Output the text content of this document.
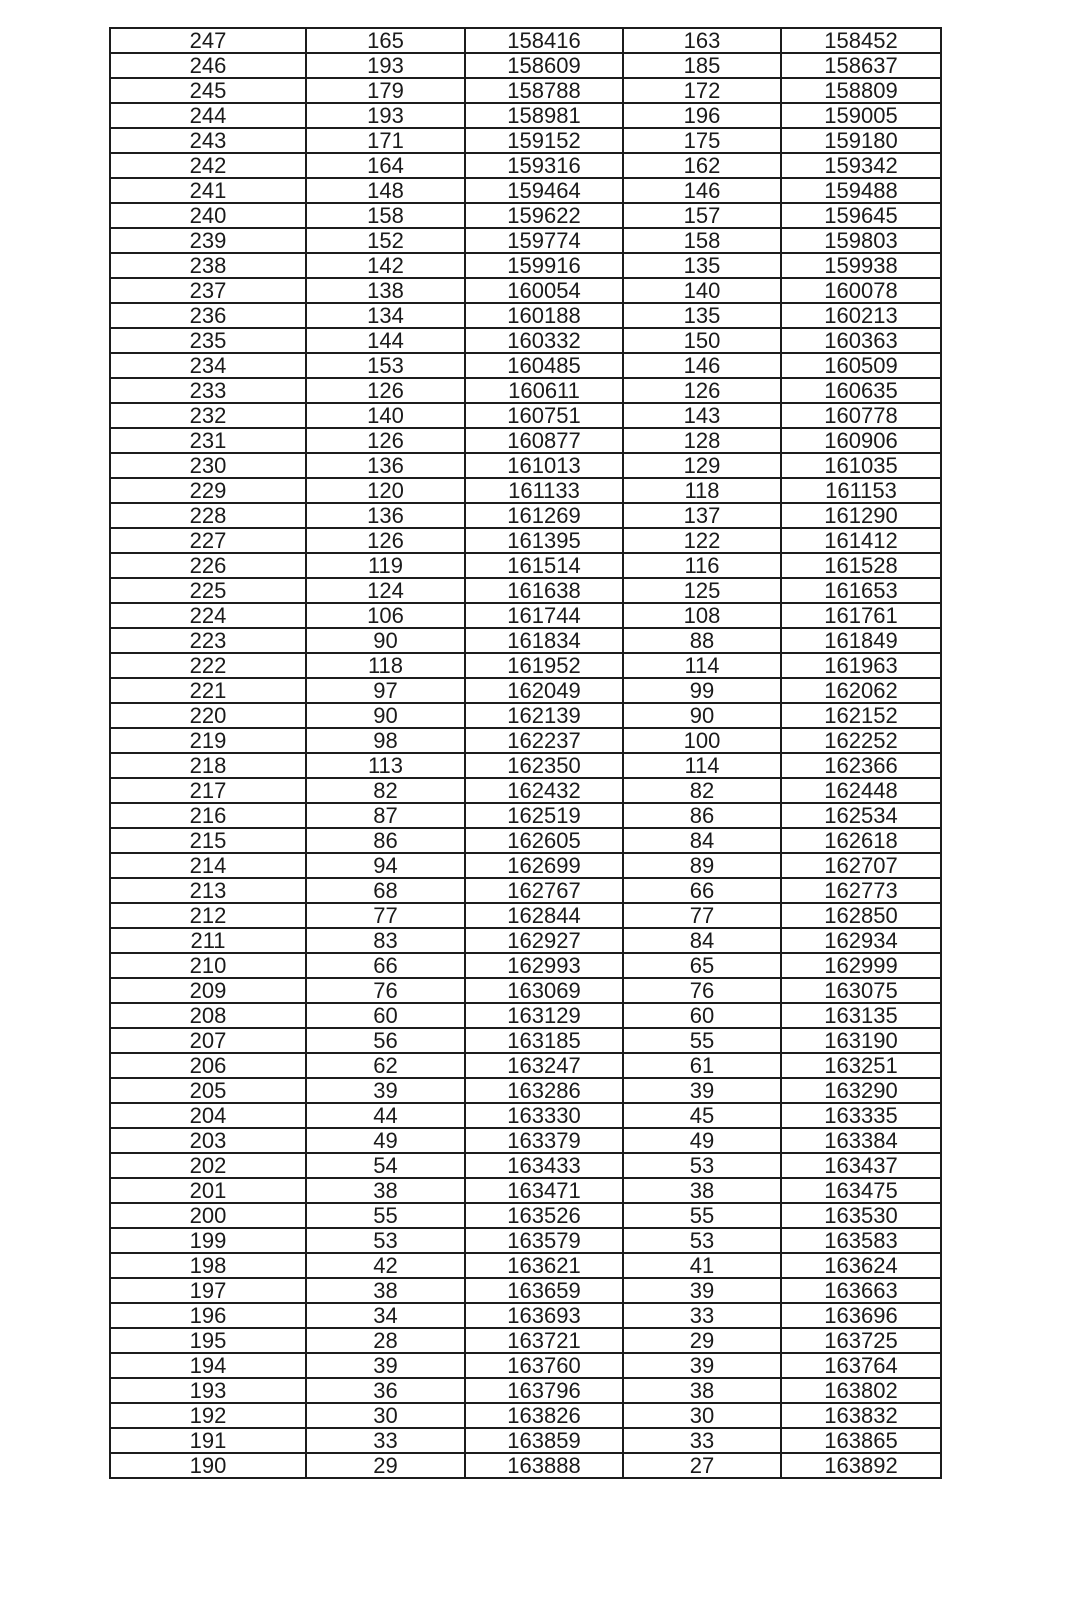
247	165	158416	163	158452
246	193	158609	185	158637
245	179	158788	172	158809
244	193	158981	196	159005
243	171	159152	175	159180
242	164	159316	162	159342
241	148	159464	146	159488
240	158	159622	157	159645
239	152	159774	158	159803
238	142	159916	135	159938
237	138	160054	140	160078
236	134	160188	135	160213
235	144	160332	150	160363
234	153	160485	146	160509
233	126	160611	126	160635
232	140	160751	143	160778
231	126	160877	128	160906
230	136	161013	129	161035
229	120	161133	118	161153
228	136	161269	137	161290
227	126	161395	122	161412
226	119	161514	116	161528
225	124	161638	125	161653
224	106	161744	108	161761
223	90	161834	88	161849
222	118	161952	114	161963
221	97	162049	99	162062
220	90	162139	90	162152
219	98	162237	100	162252
218	113	162350	114	162366
217	82	162432	82	162448
216	87	162519	86	162534
215	86	162605	84	162618
214	94	162699	89	162707
213	68	162767	66	162773
212	77	162844	77	162850
211	83	162927	84	162934
210	66	162993	65	162999
209	76	163069	76	163075
208	60	163129	60	163135
207	56	163185	55	163190
206	62	163247	61	163251
205	39	163286	39	163290
204	44	163330	45	163335
203	49	163379	49	163384
202	54	163433	53	163437
201	38	163471	38	163475
200	55	163526	55	163530
199	53	163579	53	163583
198	42	163621	41	163624
197	38	163659	39	163663
196	34	163693	33	163696
195	28	163721	29	163725
194	39	163760	39	163764
193	36	163796	38	163802
192	30	163826	30	163832
191	33	163859	33	163865
190	29	163888	27	163892
